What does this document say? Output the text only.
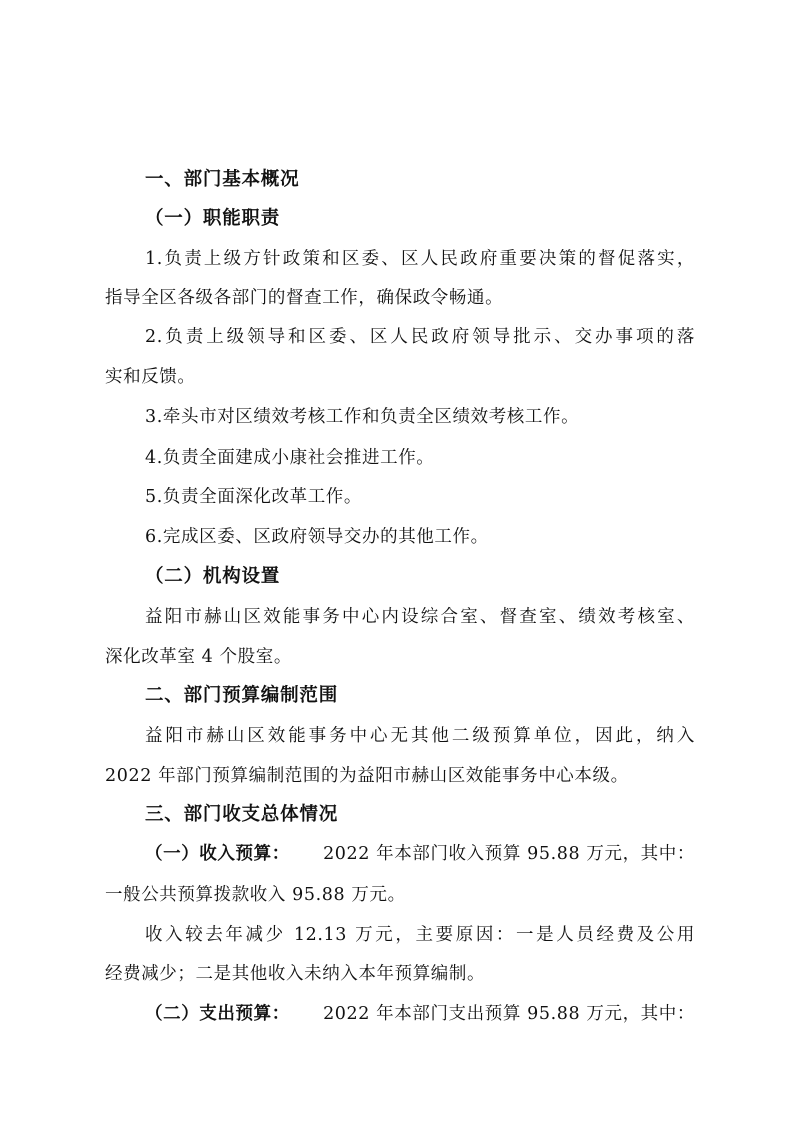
一、部门基本概况
（一）职能职责
1.负责上级方针政策和区委、区人民政府重要决策的督促落实，
指导全区各级各部门的督查工作，确保政令畅通。
2.负责上级领导和区委、区人民政府领导批示、交办事项的落
实和反馈。
3.牵头市对区绩效考核工作和负责全区绩效考核工作。
4.负责全面建成小康社会推进工作。
5.负责全面深化改革工作。
6.完成区委、区政府领导交办的其他工作。
（二）机构设置
益阳市赫山区效能事务中心内设综合室、督查室、绩效考核室、
深化改革室 4 个股室。
二、部门预算编制范围
益阳市赫山区效能事务中心无其他二级预算单位，因此，纳入
2022 年部门预算编制范围的为益阳市赫山区效能事务中心本级。
三、部门收支总体情况
（一）收入预算： 2022 年本部门收入预算 95.88 万元，其中：
一般公共预算拨款收入 95.88 万元。
收入较去年减少 12.13 万元，主要原因：一是人员经费及公用
经费减少；二是其他收入未纳入本年预算编制。
（二）支出预算： 2022 年本部门支出预算 95.88 万元，其中：
